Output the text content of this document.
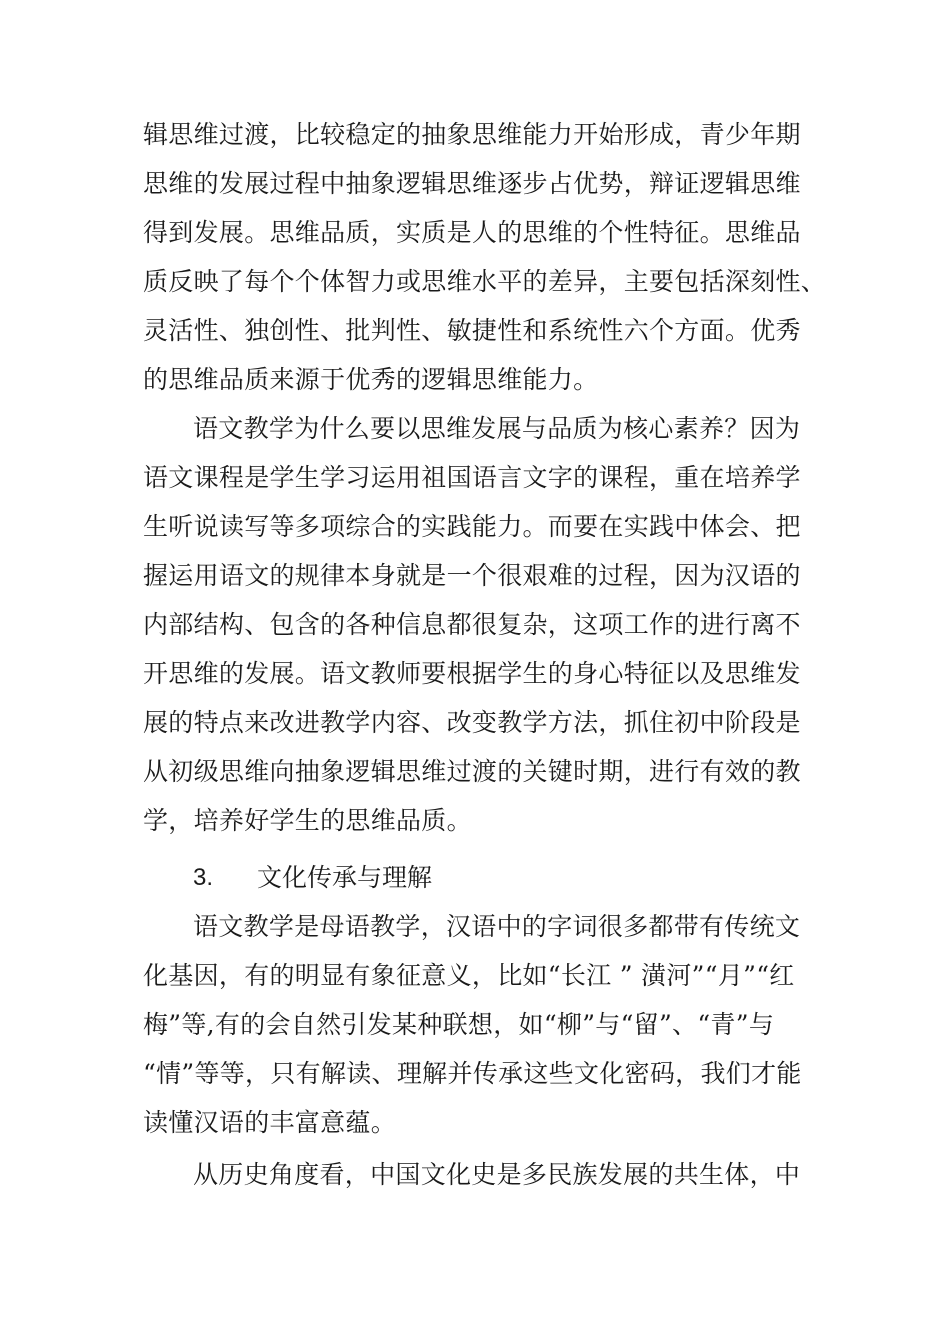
辑思维过渡，比较稳定的抽象思维能力开始形成，青少年期
思维的发展过程中抽象逻辑思维逐步占优势，辩证逻辑思维
得到发展。思维品质，实质是人的思维的个性特征。思维品
质反映了每个个体智力或思维水平的差异，主要包括深刻性、
灵活性、独创性、批判性、敏捷性和系统性六个方面。优秀
的思维品质来源于优秀的逻辑思维能力。
语文教学为什么要以思维发展与品质为核心素养？因为
语文课程是学生学习运用祖国语言文字的课程，重在培养学
生听说读写等多项综合的实践能力。而要在实践中体会、把
握运用语文的规律本身就是一个很艰难的过程，因为汉语的
内部结构、包含的各种信息都很复杂，这项工作的进行离不
开思维的发展。语文教师要根据学生的身心特征以及思维发
展的特点来改进教学内容、改变教学方法，抓住初中阶段是
从初级思维向抽象逻辑思维过渡的关键时期，进行有效的教
学，培养好学生的思维品质。
3. 文化传承与理解
语文教学是母语教学，汉语中的字词很多都带有传统文
化基因，有的明显有象征意义，比如“长江 ” 潢河”“月”“红
梅”等,有的会自然引发某种联想，如“柳”与“留”、“青”与
“情”等等，只有解读、理解并传承这些文化密码，我们才能
读懂汉语的丰富意蕴。
从历史角度看，中国文化史是多民族发展的共生体，中
